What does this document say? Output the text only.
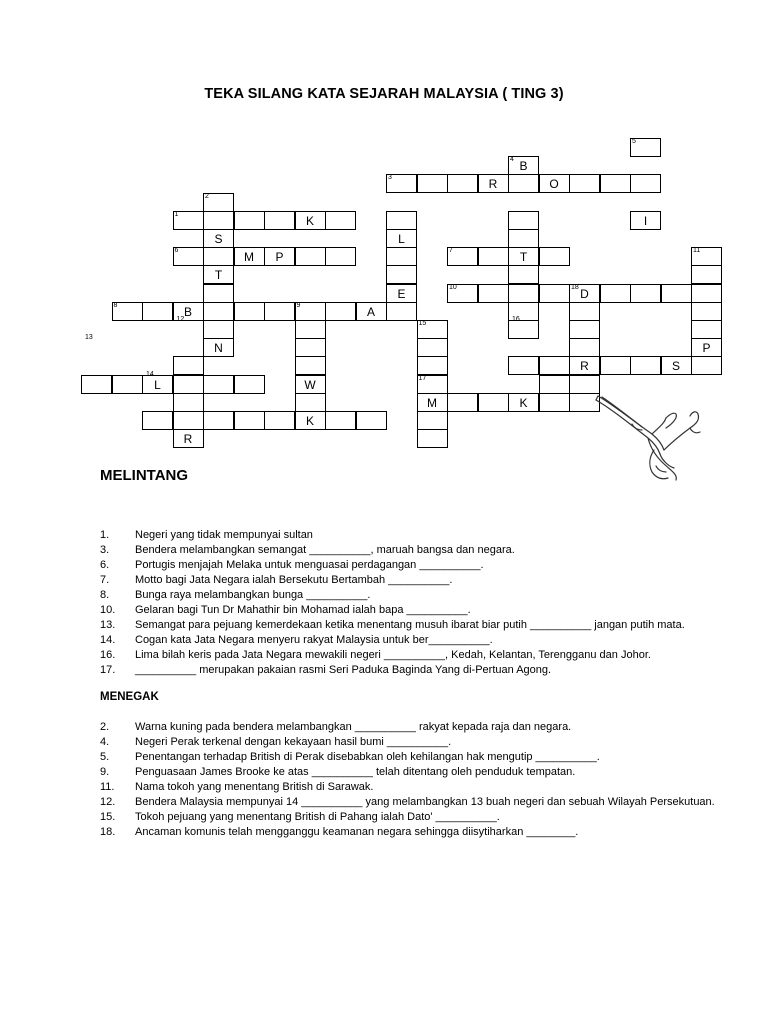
TEKA SILANG KATA SEJARAH MALAYSIA ( TING 3)
5
B
4
3	R	O
2
1	K	I
S	L
6	M	P	7	T	11
T
E	10	D
18
8	B	9	A
15
N	P
R	S
L	W	17
M	K
K
R
12
13
14
16
MELINTANG
1. Negeri yang tidak mempunyai sultan
3. Bendera melambangkan semangat __________, maruah bangsa dan negara.
6. Portugis menjajah Melaka untuk menguasai perdagangan __________.
7. Motto bagi Jata Negara ialah Bersekutu Bertambah __________.
8. Bunga raya melambangkan bunga __________.
10. Gelaran bagi Tun Dr Mahathir bin Mohamad ialah bapa __________.
13. Semangat para pejuang kemerdekaan ketika menentang musuh ibarat biar putih __________ jangan putih mata.
14. Cogan kata Jata Negara menyeru rakyat Malaysia untuk ber__________.
16. Lima bilah keris pada Jata Negara mewakili negeri __________, Kedah, Kelantan, Terengganu dan Johor.
17. __________ merupakan pakaian rasmi Seri Paduka Baginda Yang di-Pertuan Agong.
MENEGAK
2. Warna kuning pada bendera melambangkan __________ rakyat kepada raja dan negara.
4. Negeri Perak terkenal dengan kekayaan hasil bumi __________.
5. Penentangan terhadap British di Perak disebabkan oleh kehilangan hak mengutip __________.
9. Penguasaan James Brooke ke atas __________ telah ditentang oleh penduduk tempatan.
11. Nama tokoh yang menentang British di Sarawak.
12. Bendera Malaysia mempunyai 14 __________ yang melambangkan 13 buah negeri dan sebuah Wilayah Persekutuan.
15. Tokoh pejuang yang menentang British di Pahang ialah Dato' __________.
18. Ancaman komunis telah mengganggu keamanan negara sehingga diisytiharkan ________.
